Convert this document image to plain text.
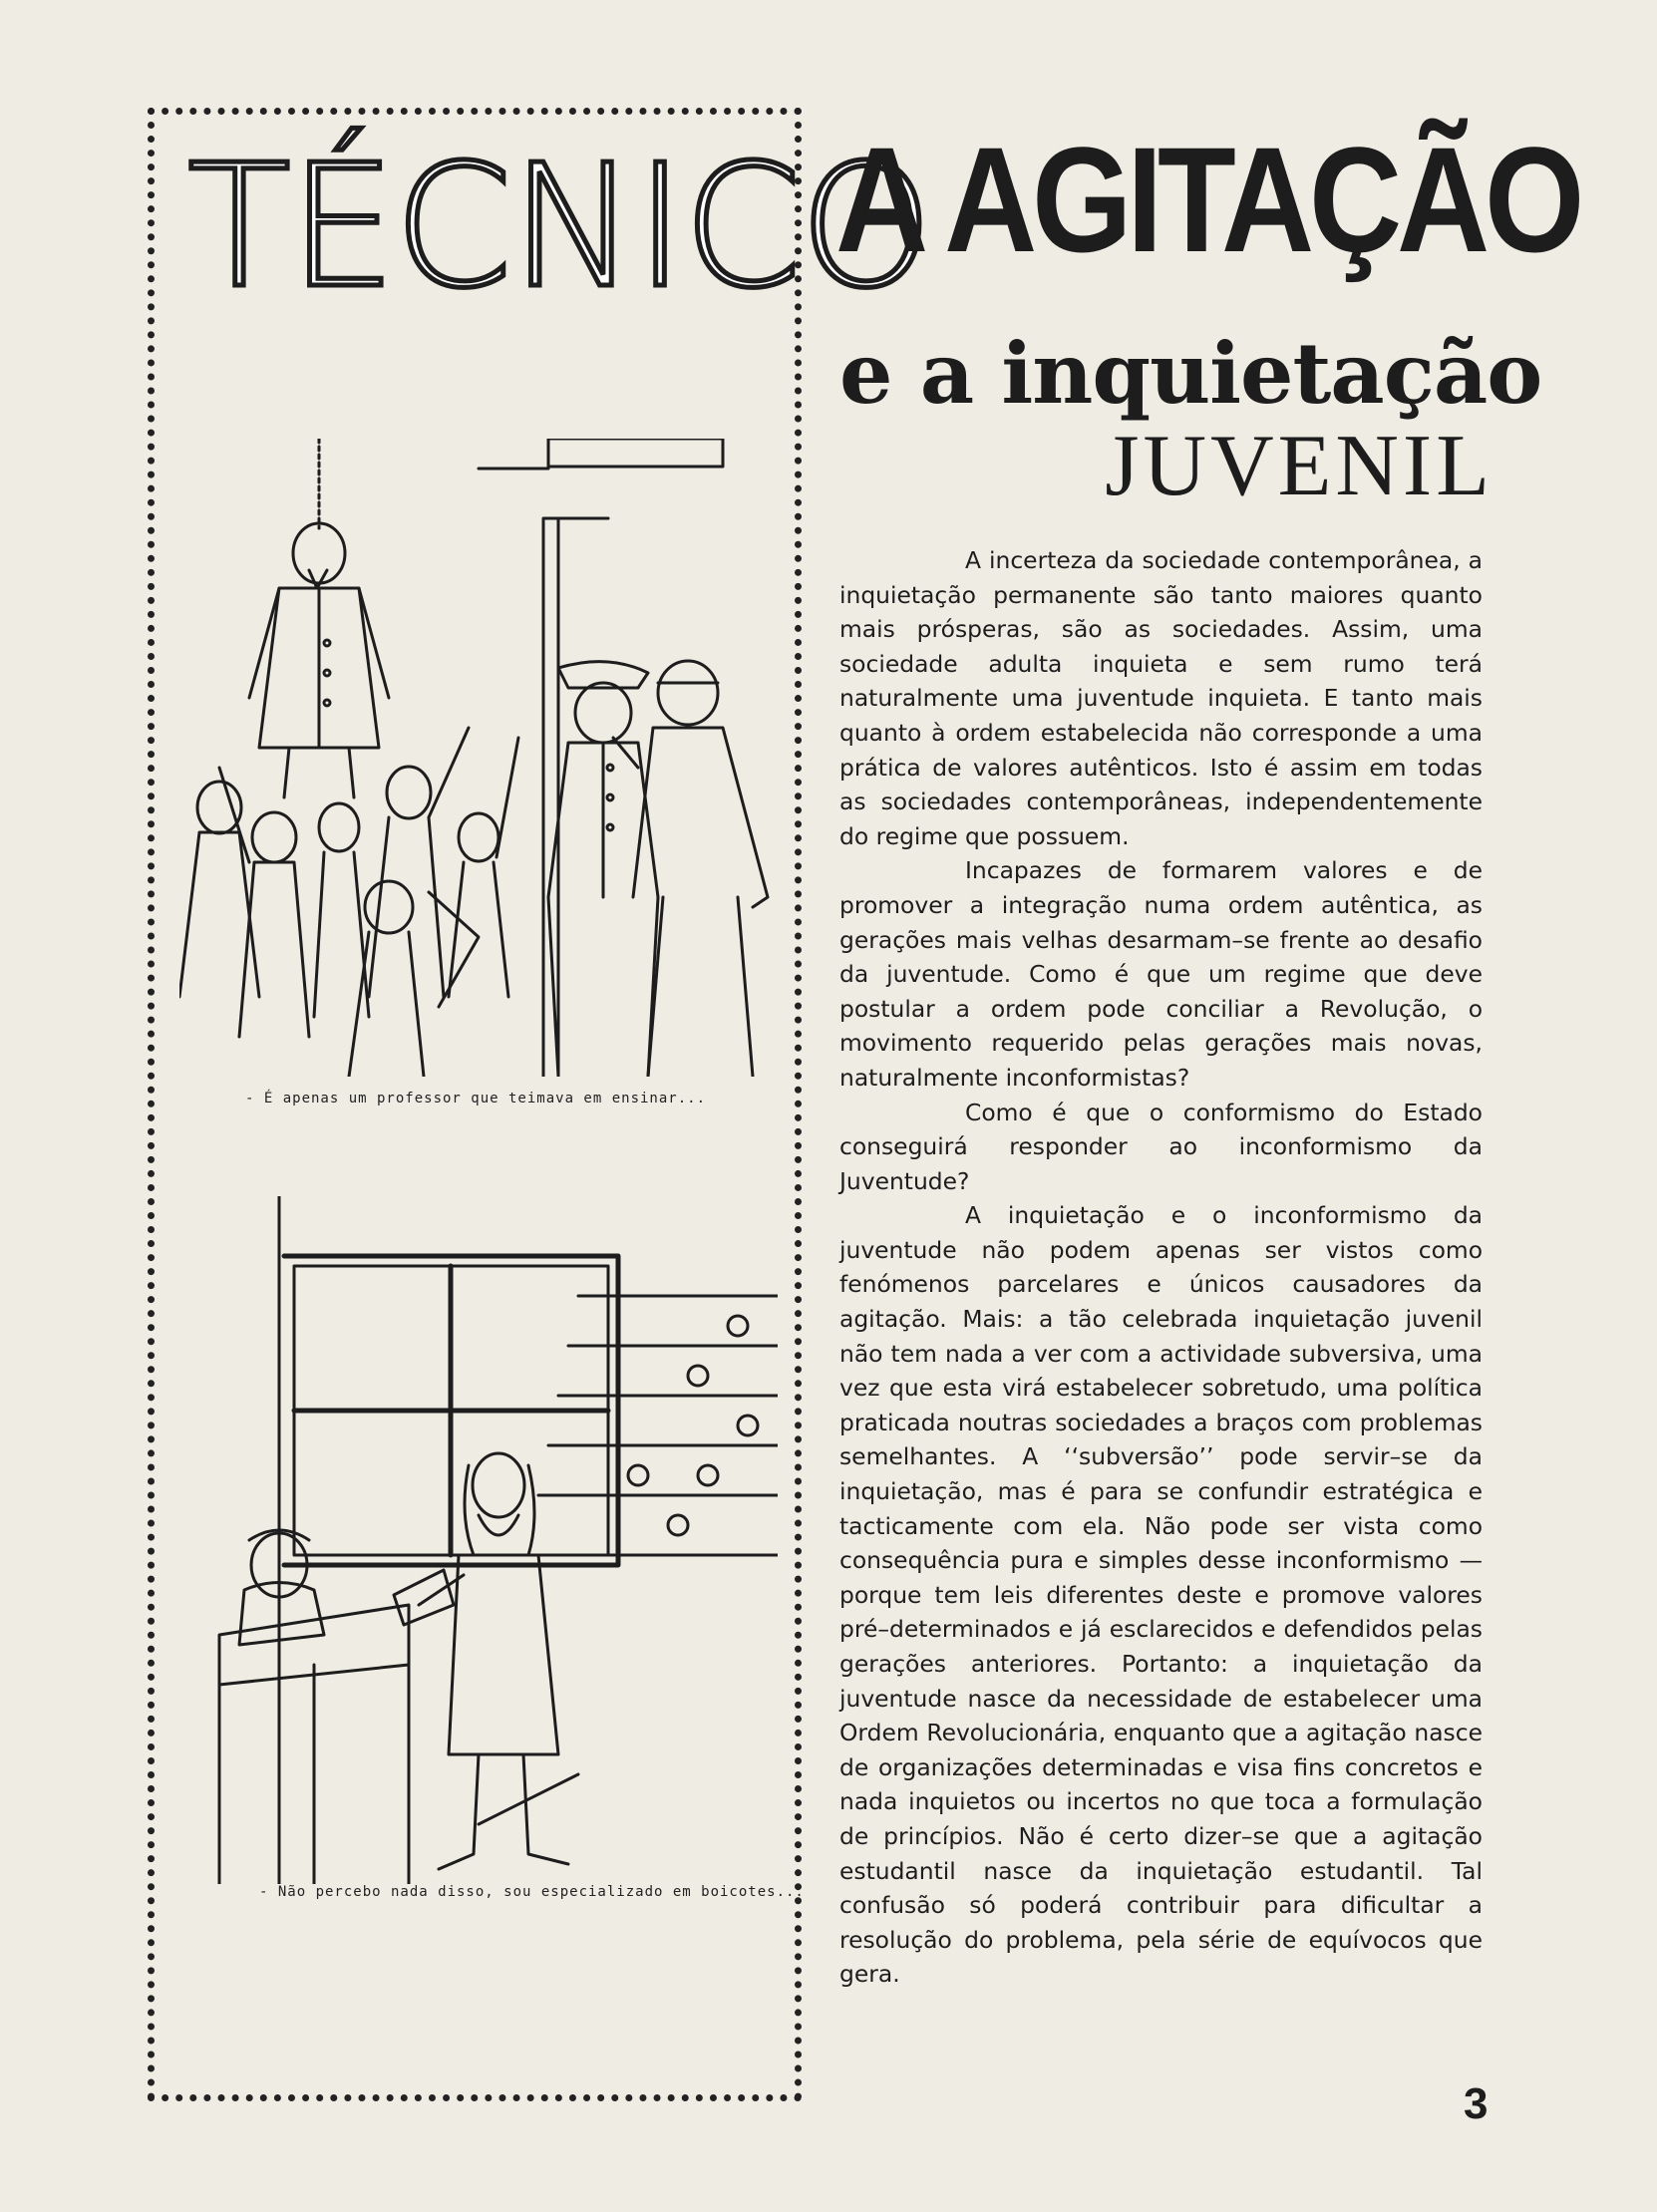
TÉCNICO
- É apenas um professor que teimava em ensinar...
- Não percebo nada disso, sou especializado em boicotes...
A AGITAÇÃO
e a inquietação
JUVENIL

A incerteza da sociedade contemporânea, a inquietação permanente são tanto maiores quanto mais prósperas, são as sociedades. Assim, uma sociedade adulta inquieta e sem rumo terá naturalmente uma juventude inquieta. E tanto mais quanto à ordem estabelecida não corresponde a uma prática de valores autênticos. Isto é assim em todas as sociedades contemporâneas, independentemente do regime que possuem.

Incapazes de formarem valores e de promover a integração numa ordem autêntica, as gerações mais velhas desarmam–se frente ao desafio da juventude. Como é que um regime que deve postular a ordem pode conciliar a Revolução, o movimento requerido pelas gerações mais novas, naturalmente inconformistas?

Como é que o conformismo do Estado conseguirá responder ao inconformismo da Juventude?

A inquietação e o inconformismo da juventude não podem apenas ser vistos como fenómenos parcelares e únicos causadores da agitação. Mais: a tão celebrada inquietação juvenil não tem nada a ver com a actividade subversiva, uma vez que esta virá estabelecer sobretudo, uma política praticada noutras sociedades a braços com problemas semelhantes. A ‘‘subversão’’ pode servir–se da inquietação, mas é para se confundir estratégica e tacticamente com ela. Não pode ser vista como consequência pura e simples desse inconformismo — porque tem leis diferentes deste e promove valores pré–determinados e já esclarecidos e defendidos pelas gerações anteriores. Portanto: a inquietação da juventude nasce da necessidade de estabelecer uma Ordem Revolucionária, enquanto que a agitação nasce de organizações determinadas e visa fins concretos e nada inquietos ou incertos no que toca a formulação de princípios. Não é certo dizer–se que a agitação estudantil nasce da inquietação estudantil. Tal confusão só poderá contribuir para dificultar a resolução do problema, pela série de equívocos que gera.

3
